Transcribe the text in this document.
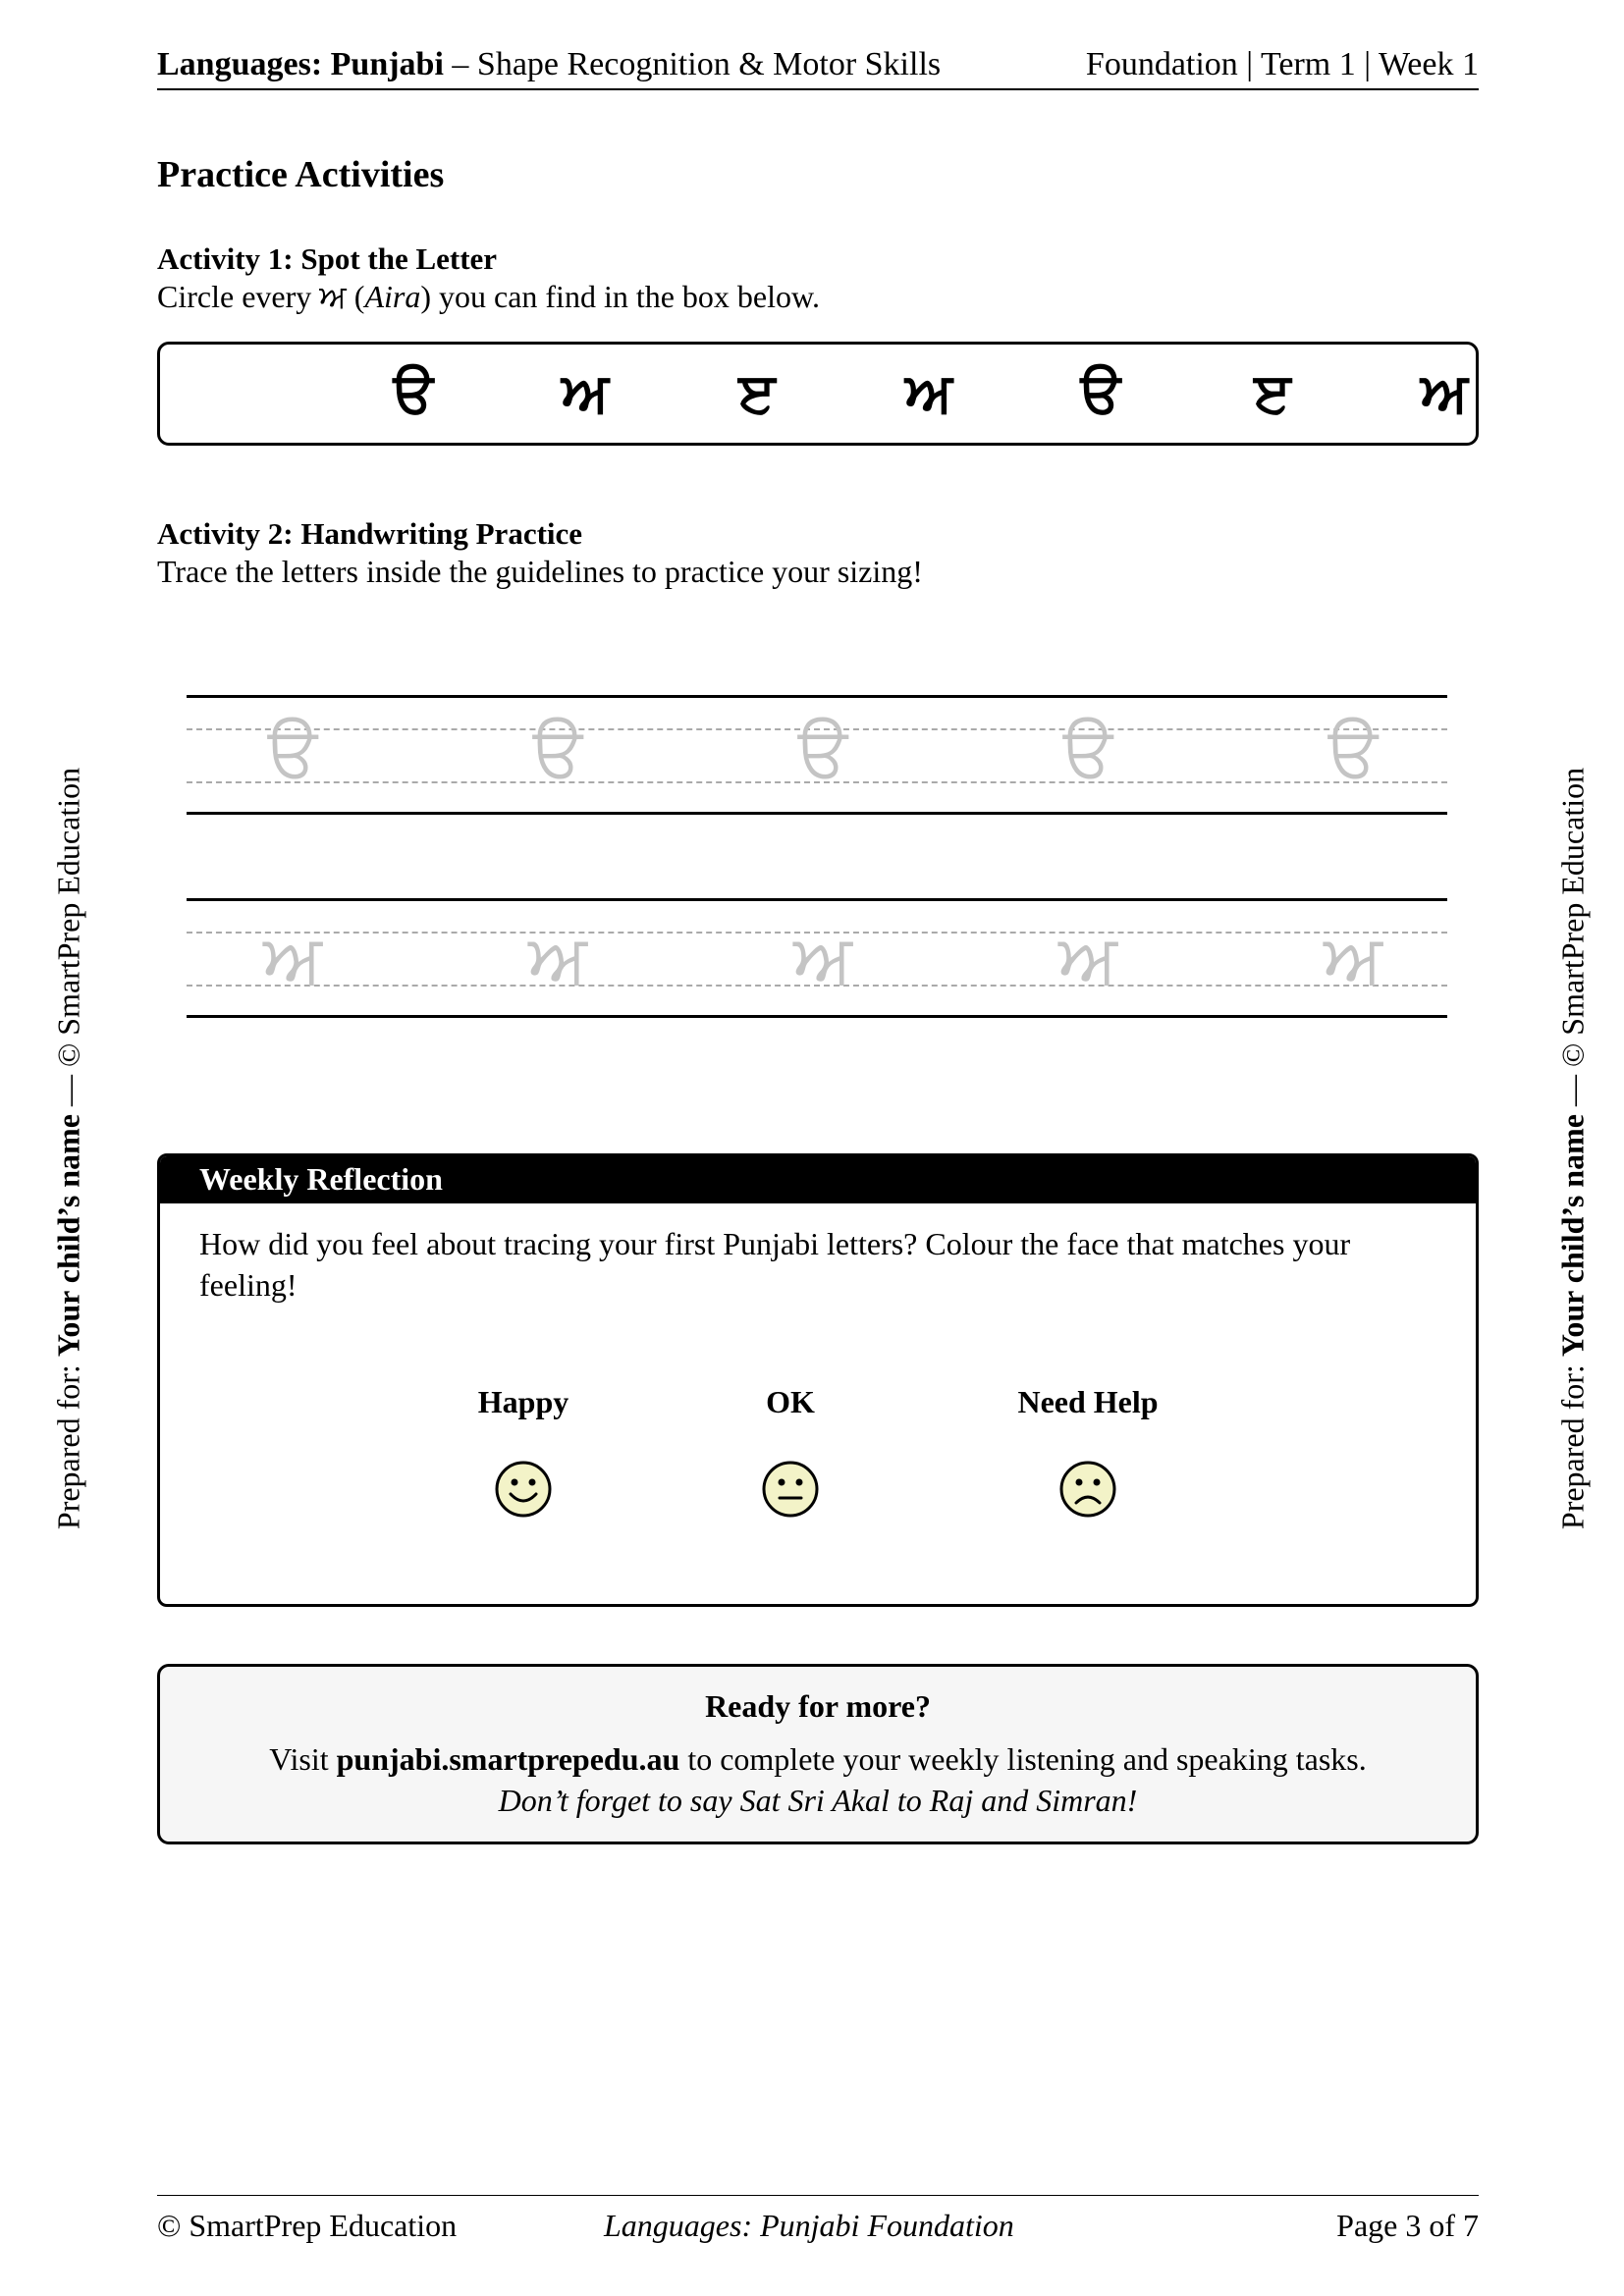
Languages: Punjabi – Shape Recognition & Motor Skills	Foundation | Term 1 | Week 1
Prepared for: Your child’s name — © SmartPrep Education
Prepared for: Your child’s name — © SmartPrep Education
Practice Activities
Activity 1: Spot the Letter
Circle every ਅ (Aira) you can find in the box below.
ੳ	ਅ	ੲ	ਅ	ੳ	ੲ	ਅ
Activity 2: Handwriting Practice
Trace the letters inside the guidelines to practice your sizing!
ੳ	ੳ	ੳ	ੳ	ੳ
ਅ	ਅ	ਅ	ਅ	ਅ
Weekly Reflection
How did you feel about tracing your first Punjabi letters? Colour the face that matches your feeling!
Happy	OK	Need Help
Ready for more?
Visit punjabi.smartprepedu.au to complete your weekly listening and speaking tasks.
Don’t forget to say Sat Sri Akal to Raj and Simran!
© SmartPrep Education	Languages: Punjabi Foundation	Page 3 of 7
